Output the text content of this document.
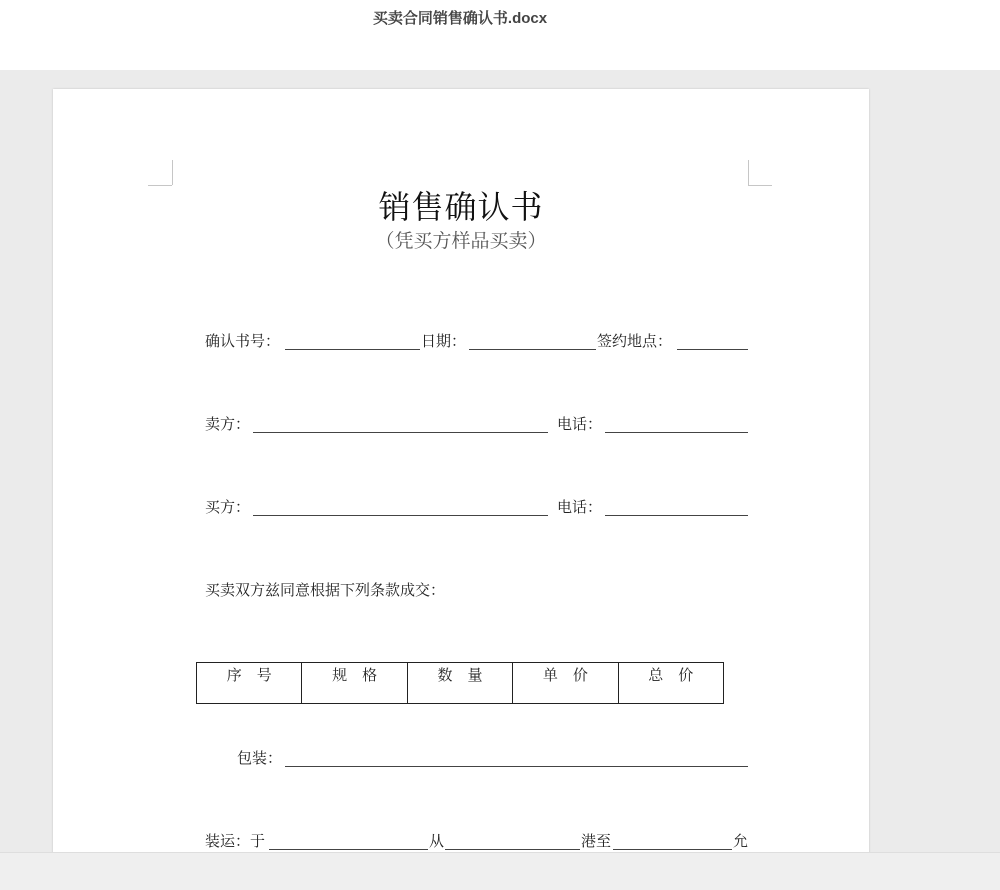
买卖合同销售确认书.docx
销售确认书
（凭买方样品买卖）
确认书号：	日期：	签约地点：
卖方：	电话：
买方：	电话：
买卖双方兹同意根据下列条款成交：
序　号	规　格	数　量	单　价	总　价
包装：
装运：于	从	港至	允
